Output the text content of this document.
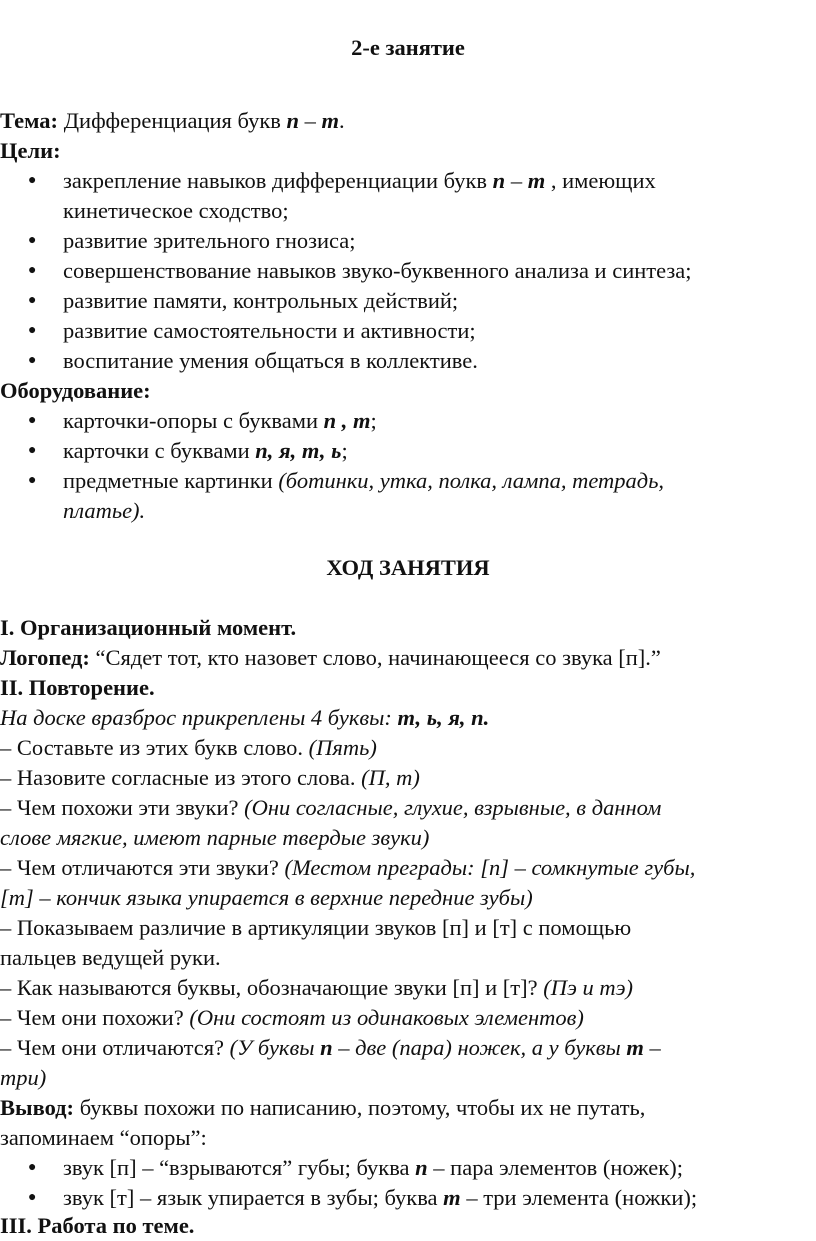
2-е занятие
Тема: Дифференциация букв п – т.
Цели:
● закрепление навыков дифференциации букв п – т , имеющих
кинетическое сходство;
● развитие зрительного гнозиса;
● совершенствование навыков звуко-буквенного анализа и синтеза;
● развитие памяти, контрольных действий;
● развитие самостоятельности и активности;
● воспитание умения общаться в коллективе.
Оборудование:
● карточки-опоры с буквами п , т;
● карточки с буквами п, я, т, ь;
● предметные картинки (ботинки, утка, полка, лампа, тетрадь,
платье).
ХОД ЗАНЯТИЯ
I. Организационный момент.
Логопед: “Сядет тот, кто назовет слово, начинающееся со звука [п].”
II. Повторение.
На доске вразброс прикреплены 4 буквы: т, ь, я, п.
– Составьте из этих букв слово. (Пять)
– Назовите согласные из этого слова. (П, т)
– Чем похожи эти звуки? (Они согласные, глухие, взрывные, в данном
слове мягкие, имеют парные твердые звуки)
– Чем отличаются эти звуки? (Местом преграды: [п] – сомкнутые губы,
[т] – кончик языка упирается в верхние передние зубы)
– Показываем различие в артикуляции звуков [п] и [т] с помощью
пальцев ведущей руки.
– Как называются буквы, обозначающие звуки [п] и [т]? (Пэ и тэ)
– Чем они похожи? (Они состоят из одинаковых элементов)
– Чем они отличаются? (У буквы п – две (пара) ножек, а у буквы т –
три)
Вывод: буквы похожи по написанию, поэтому, чтобы их не путать,
запоминаем “опоры”:
● звук [п] – “взрываются” губы; буква п – пара элементов (ножек);
● звук [т] – язык упирается в зубы; буква т – три элемента (ножки);
III. Работа по теме.
